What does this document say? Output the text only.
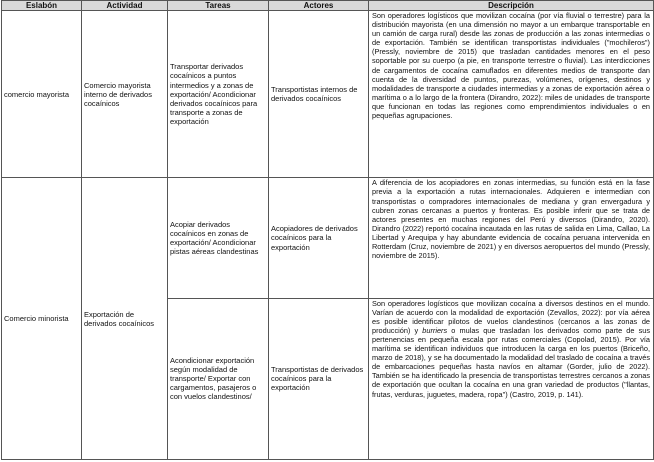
Eslabón	Actividad	Tareas	Actores	Descripción
comercio mayorista	Comercio mayorista interno de derivados cocaínicos	Transportar derivados cocaínicos a puntos intermedios y a zonas de exportación/ Acondicionar derivados cocaínicos para transporte a zonas de exportación	Transportistas internos de derivados cocaínicos	Son operadores logísticos que movilizan cocaína (por vía fluvial o terrestre) para la distribución mayorista (en una dimensión no mayor a un embarque transportable en un camión de carga rural) desde las zonas de producción a las zonas intermedias o de exportación. También se identifican transportistas individuales ("mochileros") (Pressly, noviembre de 2015) que trasladan cantidades menores en el peso soportable por su cuerpo (a pie, en transporte terrestre o fluvial). Las interdicciones de cargamentos de cocaína camuflados en diferentes medios de transporte dan cuenta de la diversidad de puntos, purezas, volúmenes, orígenes, destinos y modalidades de transporte a ciudades intermedias y a zonas de exportación aérea o marítima o a lo largo de la frontera (Dirandro, 2022): miles de unidades de transporte que funcionan en todas las regiones como emprendimientos individuales o en pequeñas agrupaciones.
Comercio minorista	Exportación de derivados cocaínicos	Acopiar derivados cocaínicos en zonas de exportación/ Acondicionar pistas aéreas clandestinas	Acopiadores de derivados cocaínicos para la exportación	A diferencia de los acopiadores en zonas intermedias, su función está en la fase previa a la exportación a rutas internacionales. Adquieren e intermedian con transportistas o compradores internacionales de mediana y gran envergadura y cubren zonas cercanas a puertos y fronteras. Es posible inferir que se trata de actores presentes en muchas regiones del Perú y diversos (Dirandro, 2020). Dirandro (2022) reportó cocaína incautada en las rutas de salida en Lima, Callao, La Libertad y Arequipa y hay abundante evidencia de cocaína peruana intervenida en Rotterdam (Cruz, noviembre de 2021) y en diversos aeropuertos del mundo (Pressly, noviembre de 2015).
		Acondicionar exportación según modalidad de transporte/ Exportar con cargamentos, pasajeros o con vuelos clandestinos/	Transportistas de derivados cocaínicos para la exportación	Son operadores logísticos que movilizan cocaína a diversos destinos en el mundo. Varían de acuerdo con la modalidad de exportación (Zevallos, 2022): por vía aérea es posible identificar pilotos de vuelos clandestinos (cercanos a las zonas de producción) y burriers o mulas que trasladan los derivados como parte de sus pertenencias en pequeña escala por rutas comerciales (Copolad, 2015). Por vía marítima se identifican individuos que introducen la carga en los puertos (Briceño, marzo de 2018), y se ha documentado la modalidad del traslado de cocaína a través de embarcaciones pequeñas hasta navíos en altamar (Gorder, julio de 2022). También se ha identificado la presencia de transportistas terrestres cercanos a zonas de exportación que ocultan la cocaína en una gran variedad de productos ("llantas, frutas, verduras, juguetes, madera, ropa") (Castro, 2019, p. 141).
